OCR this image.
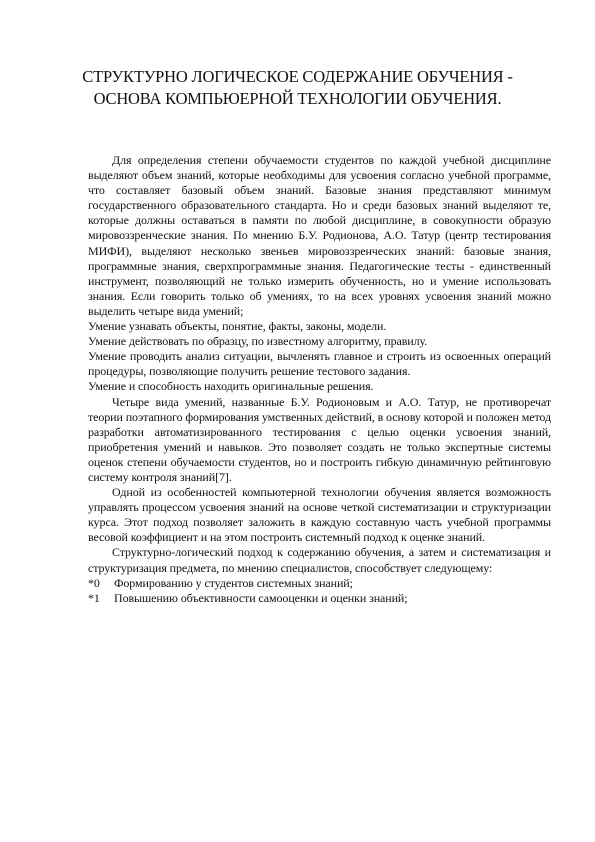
СТРУКТУРНО ЛОГИЧЕСКОЕ СОДЕРЖАНИЕ ОБУЧЕНИЯ - ОСНОВА КОМПЬЮЕРНОЙ ТЕХНОЛОГИИ ОБУЧЕНИЯ.

Для определения степени обучаемости студентов по каждой учебной дисциплине выделяют объем знаний, которые необходимы для усвоения согласно учебной программе, что составляет базовый объем знаний. Базовые знания представляют минимум государственного образовательного стандарта. Но и среди базовых знаний выделяют те, которые должны оставаться в памяти по любой дисциплине, в совокупности образую мировоззренческие знания. По мнению Б.У. Родионова, А.О. Татур (центр тестирования МИФИ), выделяют несколько звеньев мировоззренческих знаний: базовые знания, программные знания, сверхпрограммные знания. Педагогические тесты - единственный инструмент, позволяющий не только измерить обученность, но и умение использовать знания. Если говорить только об умениях, то на всех уровнях усвоения знаний можно выделить четыре вида умений;

Умение узнавать объекты, понятие, факты, законы, модели.

Умение действовать по образцу, по известному алгоритму, правилу.

Умение проводить анализ ситуации, вычленять главное и строить из освоенных операций процедуры, позволяющие получить решение тестового задания.

Умение и способность находить оригинальные решения.

Четыре вида умений, названные Б.У. Родионовым и А.О. Татур, не противоречат теории поэтапного формирования умственных действий, в основу которой и положен метод разработки автоматизированного тестирования с целью оценки усвоения знаний, приобретения умений и навыков. Это позволяет создать не только экспертные системы оценок степени обучаемости студентов, но и построить гибкую динамичную рейтинговую систему контроля знаний[7].

Одной из особенностей компьютерной технологии обучения является возможность управлять процессом усвоения знаний на основе четкой систематизации и структуризации курса. Этот подход позволяет заложить в каждую составную часть учебной программы весовой коэффициент и на этом построить системный подход к оценке знаний.

Структурно-логический подход к содержанию обучения, а затем и систематизация и структуризация предмета, по мнению специалистов, способствует следующему:

*0	Формированию у студентов системных знаний;
*1	Повышению объективности самооценки и оценки знаний;
